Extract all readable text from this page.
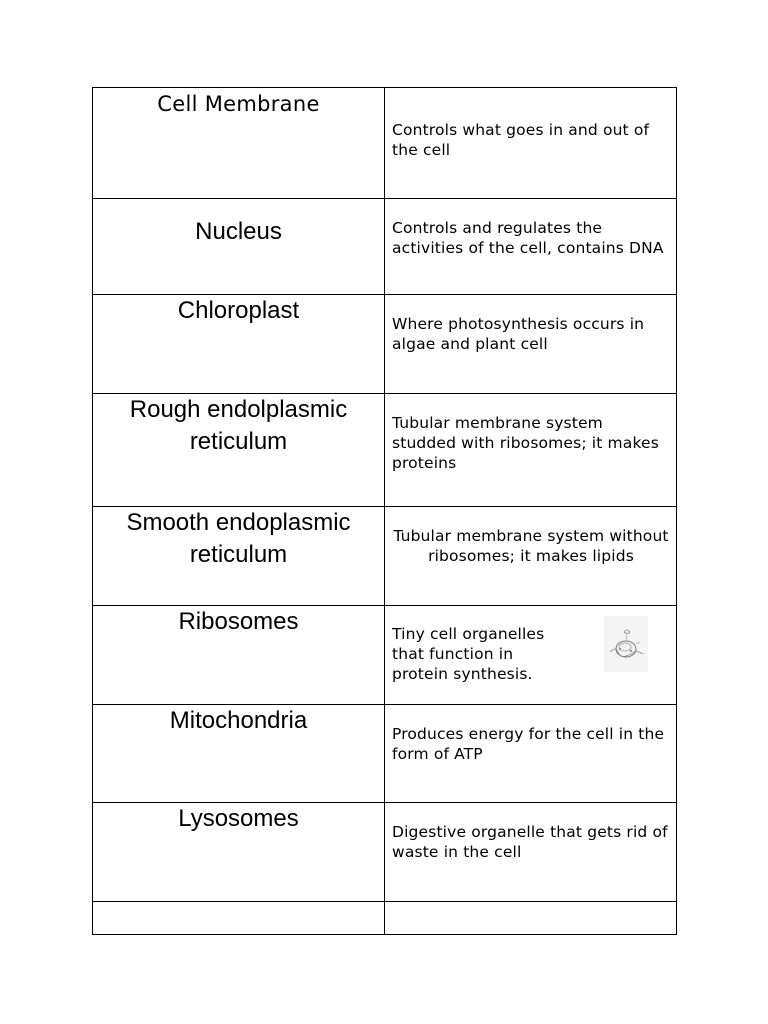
Cell Membrane	Controls what goes in and out of the cell

Nucleus	Controls and regulates the activities of the cell, contains DNA

Chloroplast	Where photosynthesis occurs in algae and plant cell

Rough endolplasmic reticulum	Tubular membrane system studded with ribosomes; it makes proteins

Smooth endoplasmic reticulum	Tubular membrane system without ribosomes; it makes lipids

Ribosomes	Tiny cell organelles that function in protein synthesis.

Mitochondria	Produces energy for the cell in the form of ATP

Lysosomes	Digestive organelle that gets rid of waste in the cell
